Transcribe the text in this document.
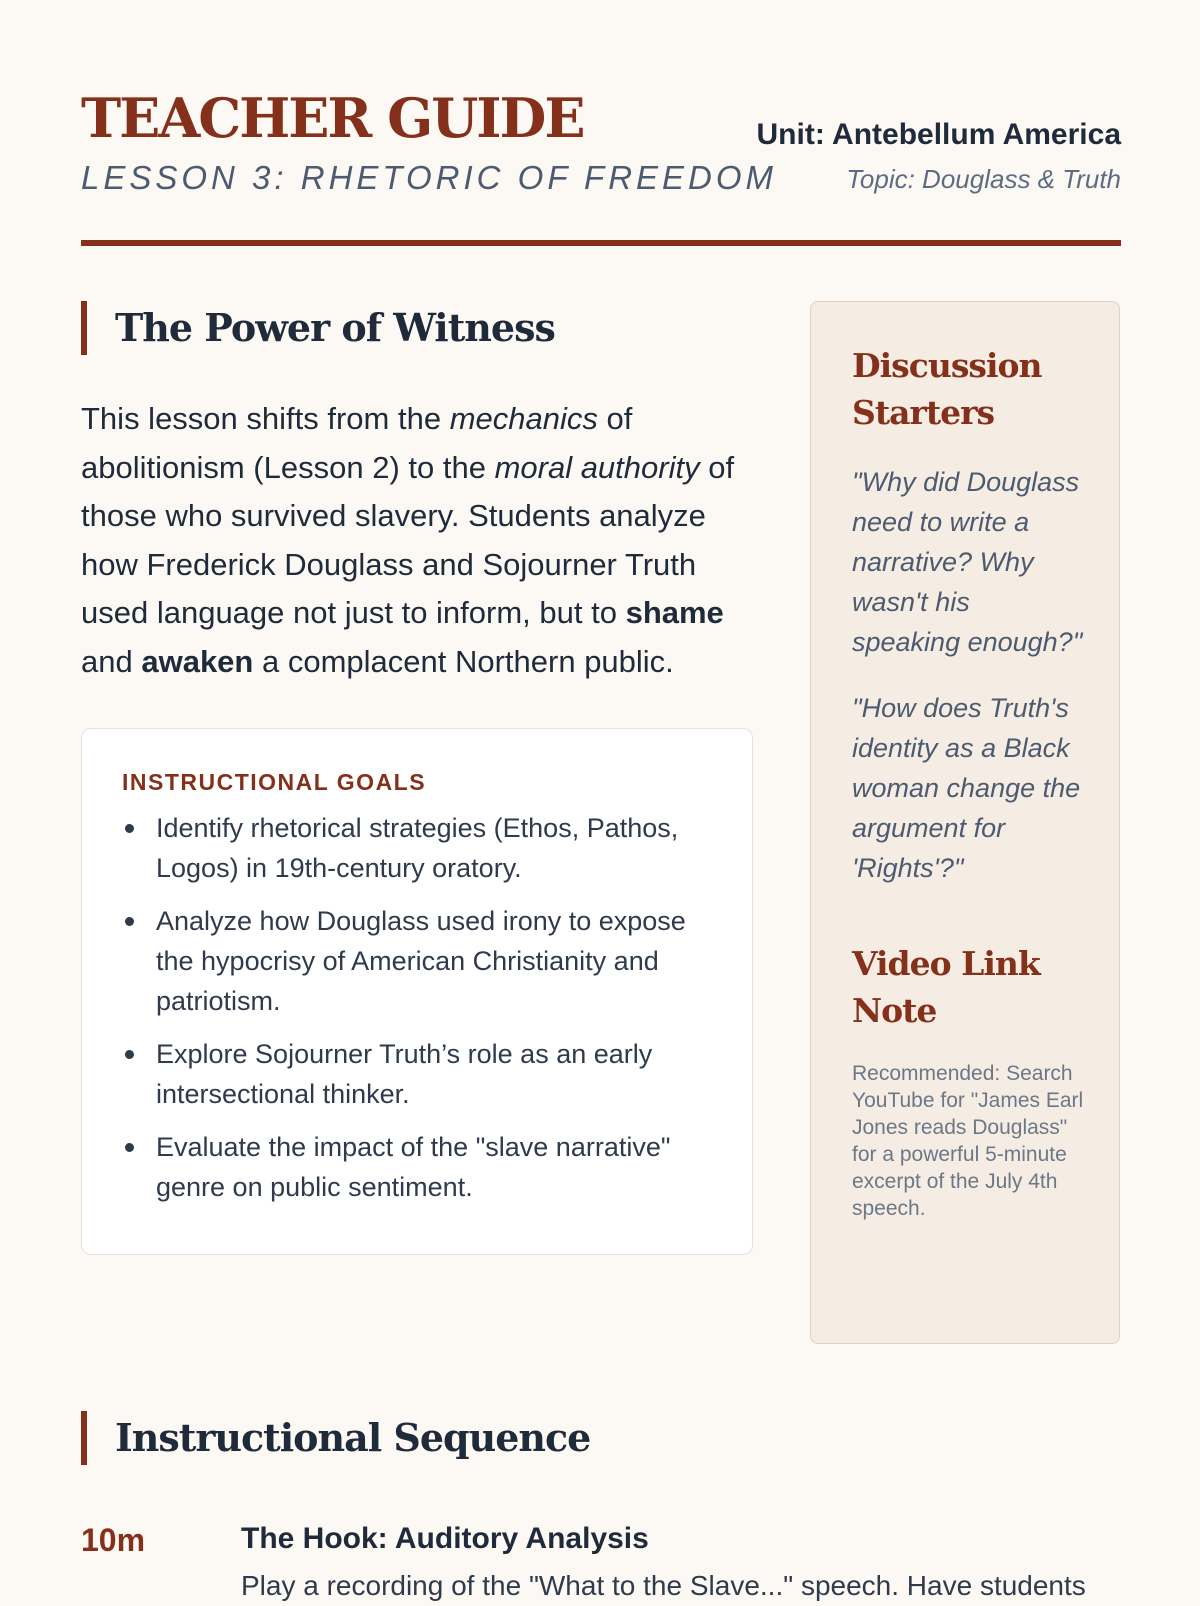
TEACHER GUIDE
LESSON 3: RHETORIC OF FREEDOM
Unit: Antebellum America
Topic: Douglass & Truth
The Power of Witness
This lesson shifts from the mechanics of abolitionism (Lesson 2) to the moral authority of those who survived slavery. Students analyze how Frederick Douglass and Sojourner Truth used language not just to inform, but to shame and awaken a complacent Northern public.
INSTRUCTIONAL GOALS
Identify rhetorical strategies (Ethos, Pathos, Logos) in 19th-century oratory.
Analyze how Douglass used irony to expose the hypocrisy of American Christianity and patriotism.
Explore Sojourner Truth’s role as an early intersectional thinker.
Evaluate the impact of the "slave narrative" genre on public sentiment.
Discussion Starters
"Why did Douglass need to write a narrative? Why wasn't his speaking enough?"
"How does Truth's identity as a Black woman change the argument for 'Rights'?"
Video Link Note
Recommended: Search YouTube for "James Earl Jones reads Douglass" for a powerful 5-minute excerpt of the July 4th speech.
Instructional Sequence
10m	The Hook: Auditory Analysis
Play a recording of the "What to the Slave..." speech. Have students
